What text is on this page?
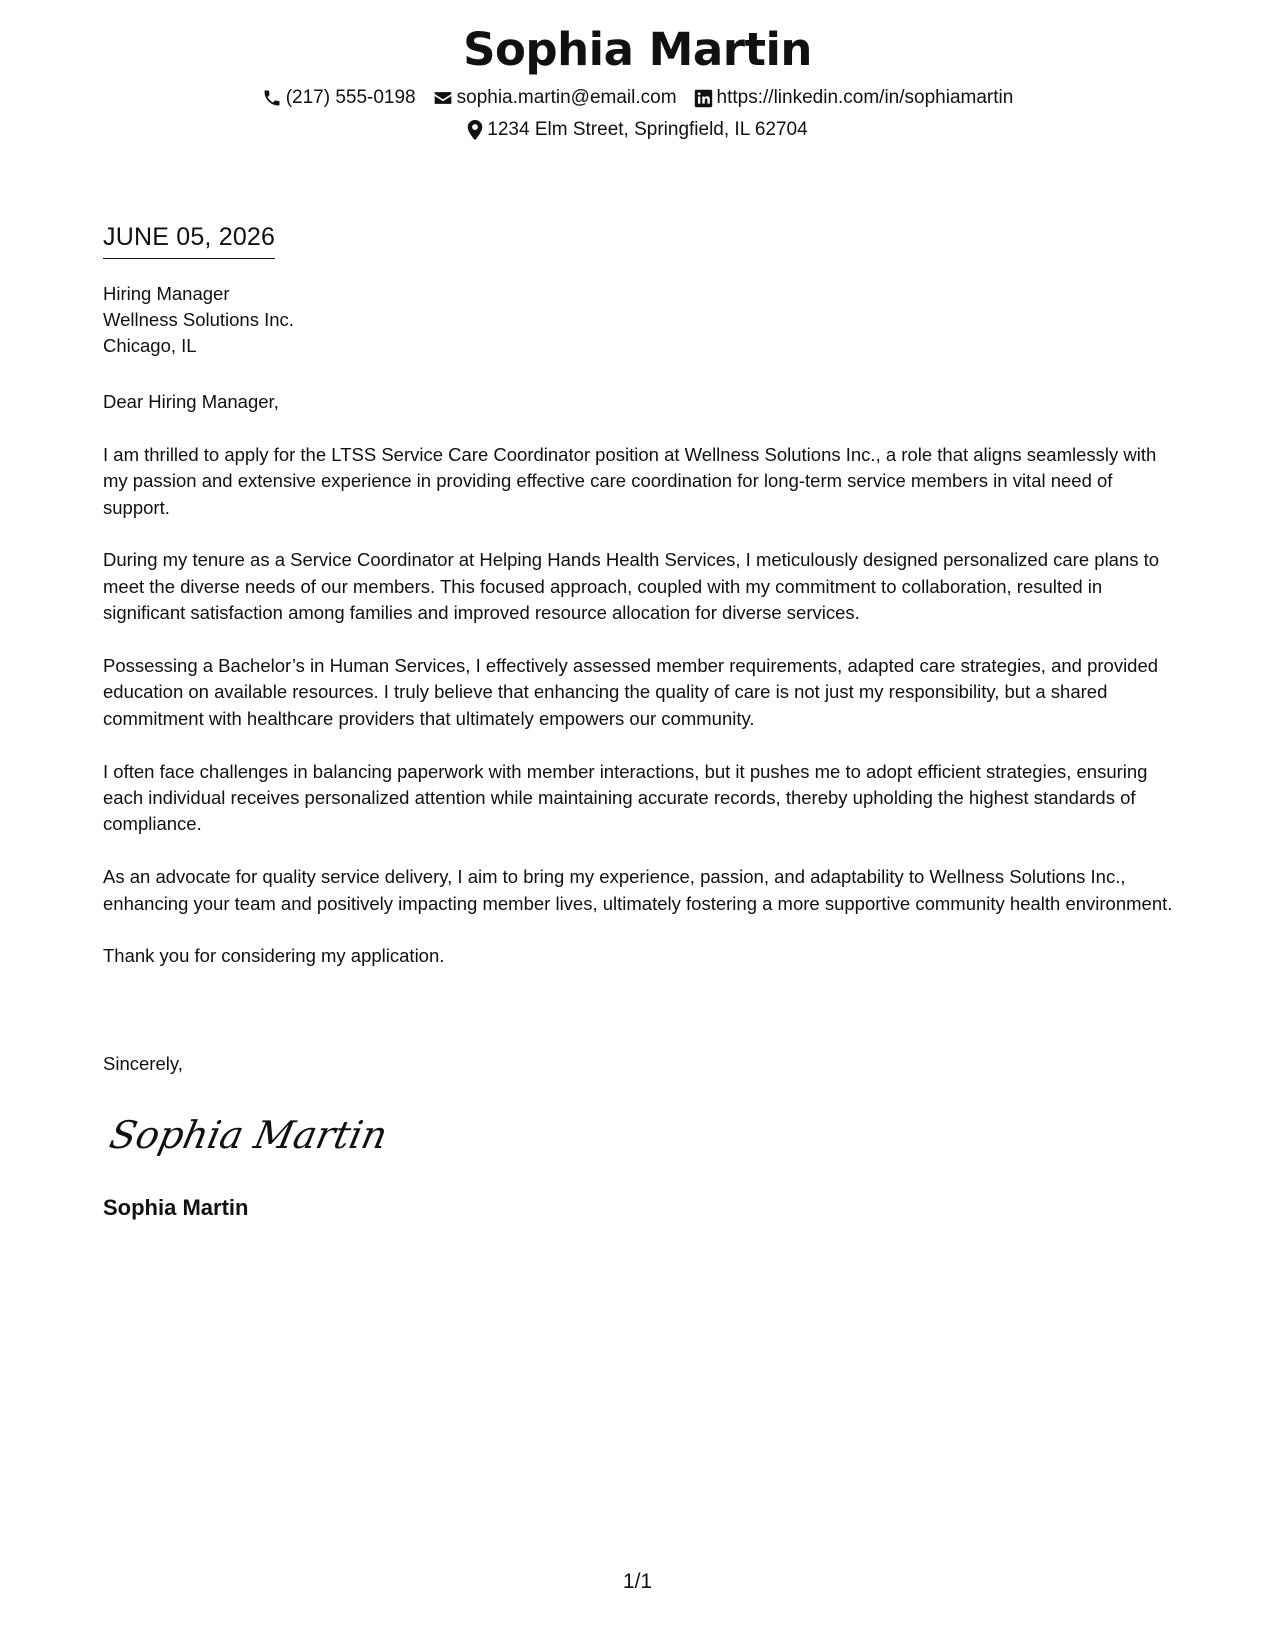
Sophia Martin
(217) 555-0198 sophia.martin@email.com https://linkedin.com/in/sophiamartin
1234 Elm Street, Springfield, IL 62704
JUNE 05, 2026
Hiring Manager
Wellness Solutions Inc.
Chicago, IL

Dear Hiring Manager,

I am thrilled to apply for the LTSS Service Care Coordinator position at Wellness Solutions Inc., a role that aligns seamlessly with my passion and extensive experience in providing effective care coordination for long-term service members in vital need of support.

During my tenure as a Service Coordinator at Helping Hands Health Services, I meticulously designed personalized care plans to meet the diverse needs of our members. This focused approach, coupled with my commitment to collaboration, resulted in significant satisfaction among families and improved resource allocation for diverse services.

Possessing a Bachelor’s in Human Services, I effectively assessed member requirements, adapted care strategies, and provided education on available resources. I truly believe that enhancing the quality of care is not just my responsibility, but a shared commitment with healthcare providers that ultimately empowers our community.

I often face challenges in balancing paperwork with member interactions, but it pushes me to adopt efficient strategies, ensuring each individual receives personalized attention while maintaining accurate records, thereby upholding the highest standards of compliance.

As an advocate for quality service delivery, I aim to bring my experience, passion, and adaptability to Wellness Solutions Inc., enhancing your team and positively impacting member lives, ultimately fostering a more supportive community health environment.

Thank you for considering my application.

Sincerely,
Sophia Martin
Sophia Martin
1/1
